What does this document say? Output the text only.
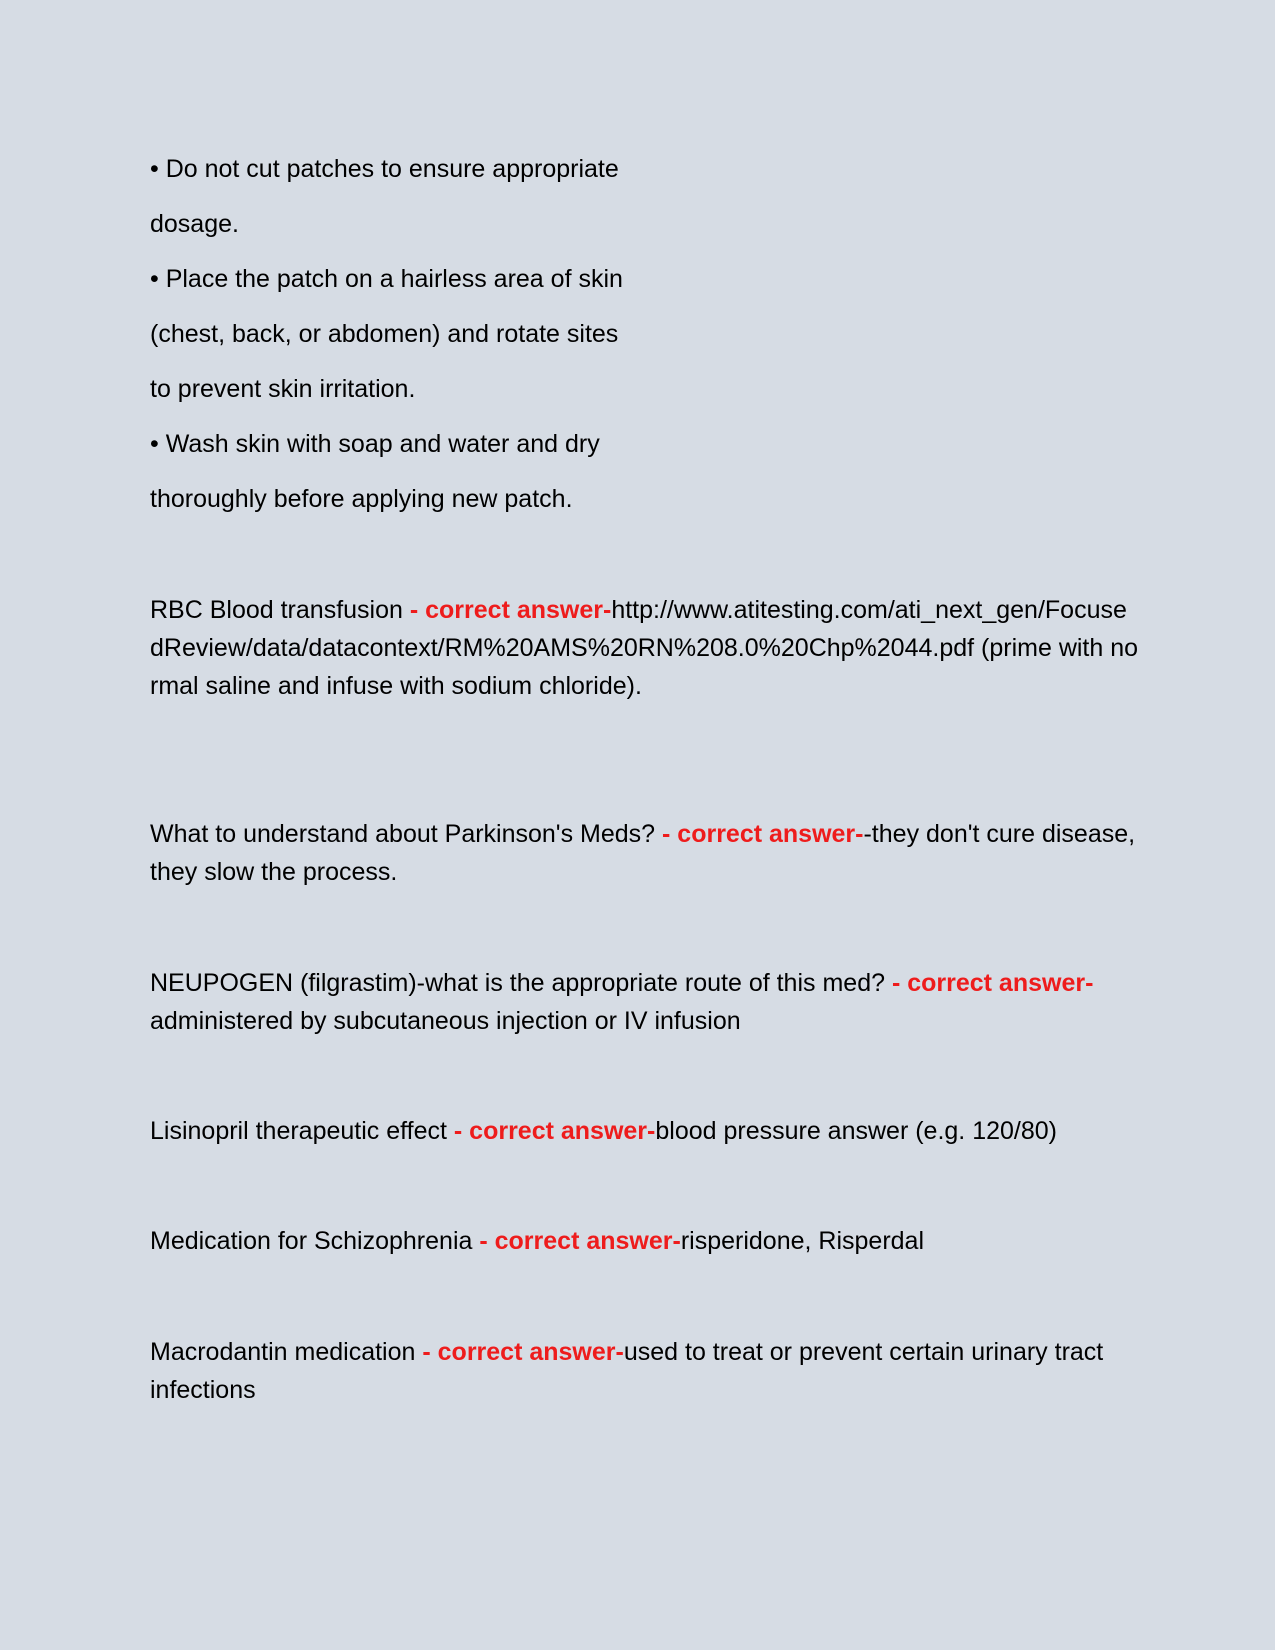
• Do not cut patches to ensure appropriate
dosage.
• Place the patch on a hairless area of skin
(chest, back, or abdomen) and rotate sites
to prevent skin irritation.
• Wash skin with soap and water and dry
thoroughly before applying new patch.
RBC Blood transfusion - correct answer-http://www.atitesting.com/ati_next_gen/FocusedReview/data/datacontext/RM%20AMS%20RN%208.0%20Chp%2044.pdf (prime with normal saline and infuse with sodium chloride).
What to understand about Parkinson's Meds? - correct answer--they don't cure disease, they slow the process.
NEUPOGEN (filgrastim)-what is the appropriate route of this med? - correct answer-administered by subcutaneous injection or IV infusion
Lisinopril therapeutic effect - correct answer-blood pressure answer (e.g. 120/80)
Medication for Schizophrenia - correct answer-risperidone, Risperdal
Macrodantin medication - correct answer-used to treat or prevent certain urinary tract infections
